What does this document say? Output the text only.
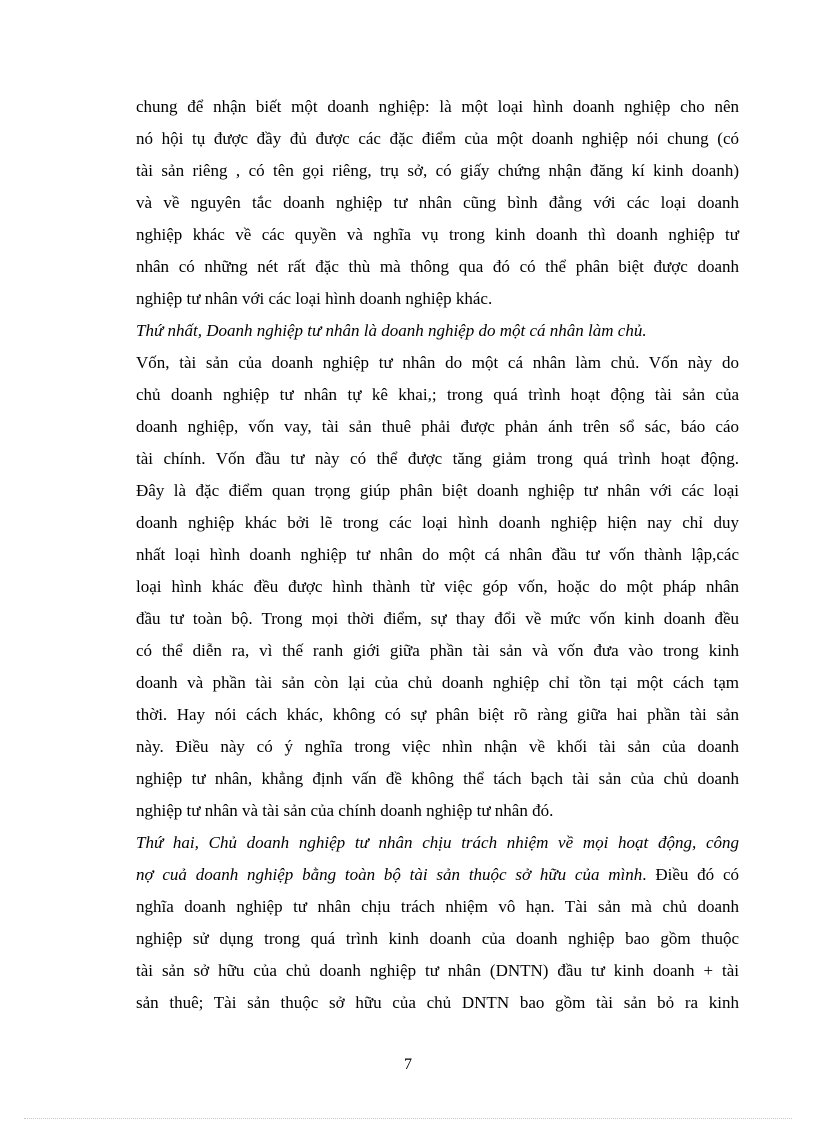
chung để nhận biết một doanh nghiệp: là một loại hình doanh nghiệp cho nên
nó hội tụ được đầy đủ được các đặc điểm của một doanh nghiệp nói chung (có
tài sản riêng , có tên gọi riêng, trụ sở, có giấy chứng nhận đăng kí kinh doanh)
và về nguyên tắc doanh nghiệp tư nhân cũng bình đẳng với các loại doanh
nghiệp khác về các quyền và nghĩa vụ trong kinh doanh thì doanh nghiệp tư
nhân có những nét rất đặc thù mà thông qua đó có thể phân biệt được doanh
nghiệp tư nhân với các loại hình doanh nghiệp khác.
Thứ nhất, Doanh nghiệp tư nhân là doanh nghiệp do một cá nhân làm chủ.
Vốn, tài sản của doanh nghiệp tư nhân do một cá nhân làm chủ. Vốn này do
chủ doanh nghiệp tư nhân tự kê khai,; trong quá trình hoạt động tài sản của
doanh nghiệp, vốn vay, tài sản thuê phải được phản ánh trên sổ sác, báo cáo
tài chính. Vốn đầu tư này có thể được tăng giảm trong quá trình hoạt động.
Đây là đặc điểm quan trọng giúp phân biệt doanh nghiệp tư nhân với các loại
doanh nghiệp khác bởi lẽ trong các loại hình doanh nghiệp hiện nay chỉ duy
nhất loại hình doanh nghiệp tư nhân do một cá nhân đầu tư vốn thành lập,các
loại hình khác đều được hình thành từ việc góp vốn, hoặc do một pháp nhân
đầu tư toàn bộ. Trong mọi thời điểm, sự thay đổi về mức vốn kinh doanh đều
có thể diễn ra, vì thế ranh giới giữa phần tài sản và vốn đưa vào trong kinh
doanh và phần tài sản còn lại của chủ doanh nghiệp chỉ tồn tại một cách tạm
thời. Hay nói cách khác, không có sự phân biệt rõ ràng giữa hai phần tài sản
này. Điều này có ý nghĩa trong việc nhìn nhận về khối tài sản của doanh
nghiệp tư nhân, khẳng định vấn đề không thể tách bạch tài sản của chủ doanh
nghiệp tư nhân và tài sản của chính doanh nghiệp tư nhân đó.
Thứ hai, Chủ doanh nghiệp tư nhân chịu trách nhiệm về mọi hoạt động, công
nợ cuả doanh nghiệp bằng toàn bộ tài sản thuộc sở hữu của mình. Điều đó có
nghĩa doanh nghiệp tư nhân chịu trách nhiệm vô hạn. Tài sản mà chủ doanh
nghiệp sử dụng trong quá trình kinh doanh của doanh nghiệp bao gồm thuộc
tài sản sở hữu của chủ doanh nghiệp tư nhân (DNTN) đầu tư kinh doanh + tài
sản thuê; Tài sản thuộc sở hữu của chủ DNTN bao gồm tài sản bỏ ra kinh
7
